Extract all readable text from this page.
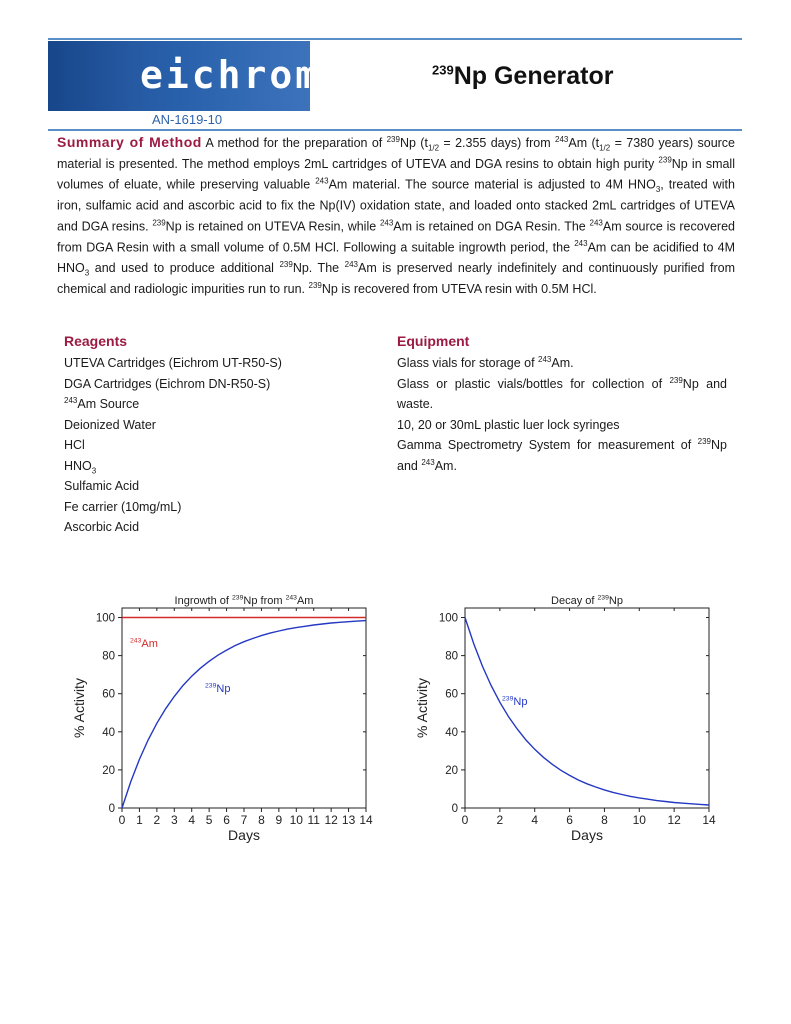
eichrom®
AN-1619-10
$^{239}$Np Generator
Summary of Method A method for the preparation of $^{239}$Np ($t_{1/2} = 2.355$ days) from $^{243}$Am ($t_{1/2} = 7380$ years) source material is presented. The method employs 2mL cartridges of UTEVA and DGA resins to obtain high purity $^{239}$Np in small volumes of eluate, while preserving valuable $^{243}$Am material. The source material is adjusted to 4M $HNO_3$, treated with iron, sulfamic acid and ascorbic acid to fix the Np(IV) oxidation state, and loaded onto stacked 2mL cartridges of UTEVA and DGA resins. $^{239}$Np is retained on UTEVA Resin, while $^{243}$Am is retained on DGA Resin. The $^{243}$Am source is recovered from DGA Resin with a small volume of 0.5M HCl. Following a suitable ingrowth period, the $^{243}$Am can be acidified to 4M $HNO_3$ and used to produce additional $^{239}$Np. The $^{243}$Am is preserved nearly indefinitely and continuously purified from chemical and radiologic impurities run to run. $^{239}$Np is recovered from UTEVA resin with 0.5M HCl.
Reagents
UTEVA Cartridges (Eichrom UT-R50-S)
DGA Cartridges (Eichrom DN-R50-S)
$^{243}$Am Source
Deionized Water
HCl
$HNO_3$
Sulfamic Acid
Fe carrier (10mg/mL)
Ascorbic Acid
Equipment
Glass vials for storage of $^{243}$Am.
Glass or plastic vials/bottles for collection of $^{239}$Np and waste.
10, 20 or 30mL plastic luer lock syringes
Gamma Spectrometry System for measurement of $^{239}$Np and $^{243}$Am.
Ingrowth of $^{239}$Np from $^{243}$Am
0 1 2 3 4 5 6 7 8 9 10 11 12 13 14
0
20
40
60
80
100
Days
% Activity
$^{243}$Am
$^{239}$Np
Decay of $^{239}$Np
0 2 4 6 8 10 12 14
0
20
40
60
80
100
Days
% Activity	$^{239}$Np
